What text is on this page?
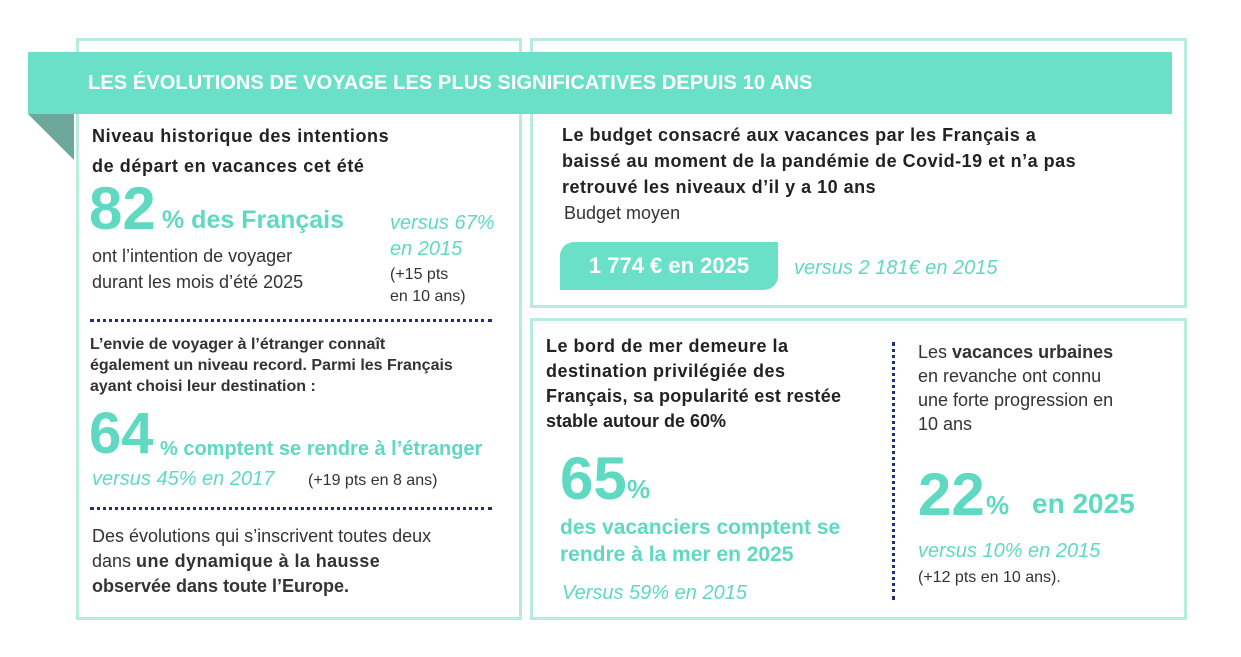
LES ÉVOLUTIONS DE VOYAGE LES PLUS SIGNIFICATIVES DEPUIS 10 ANS
Niveau historique des intentions
de départ en vacances cet été
82 % des Français
ont l’intention de voyager
durant les mois d’été 2025
versus 67%
en 2015
(+15 pts
en 10 ans)
L’envie de voyager à l’étranger connaît
également un niveau record. Parmi les Français
ayant choisi leur destination :
64 % comptent se rendre à l’étranger
versus 45% en 2017 (+19 pts en 8 ans)
Des évolutions qui s’inscrivent toutes deux
dans une dynamique à la hausse
observée dans toute l’Europe.
Le budget consacré aux vacances par les Français a
baissé au moment de la pandémie de Covid-19 et n’a pas
retrouvé les niveaux d’il y a 10 ans
Budget moyen
1 774 € en 2025	versus 2 181€ en 2015
Le bord de mer demeure la
destination privilégiée des
Français, sa popularité est restée
stable autour de 60%
65 %
des vacanciers comptent se
rendre à la mer en 2025
Versus 59% en 2015
Les vacances urbaines
en revanche ont connu
une forte progression en
10 ans
22 % en 2025
versus 10% en 2015
(+12 pts en 10 ans).
